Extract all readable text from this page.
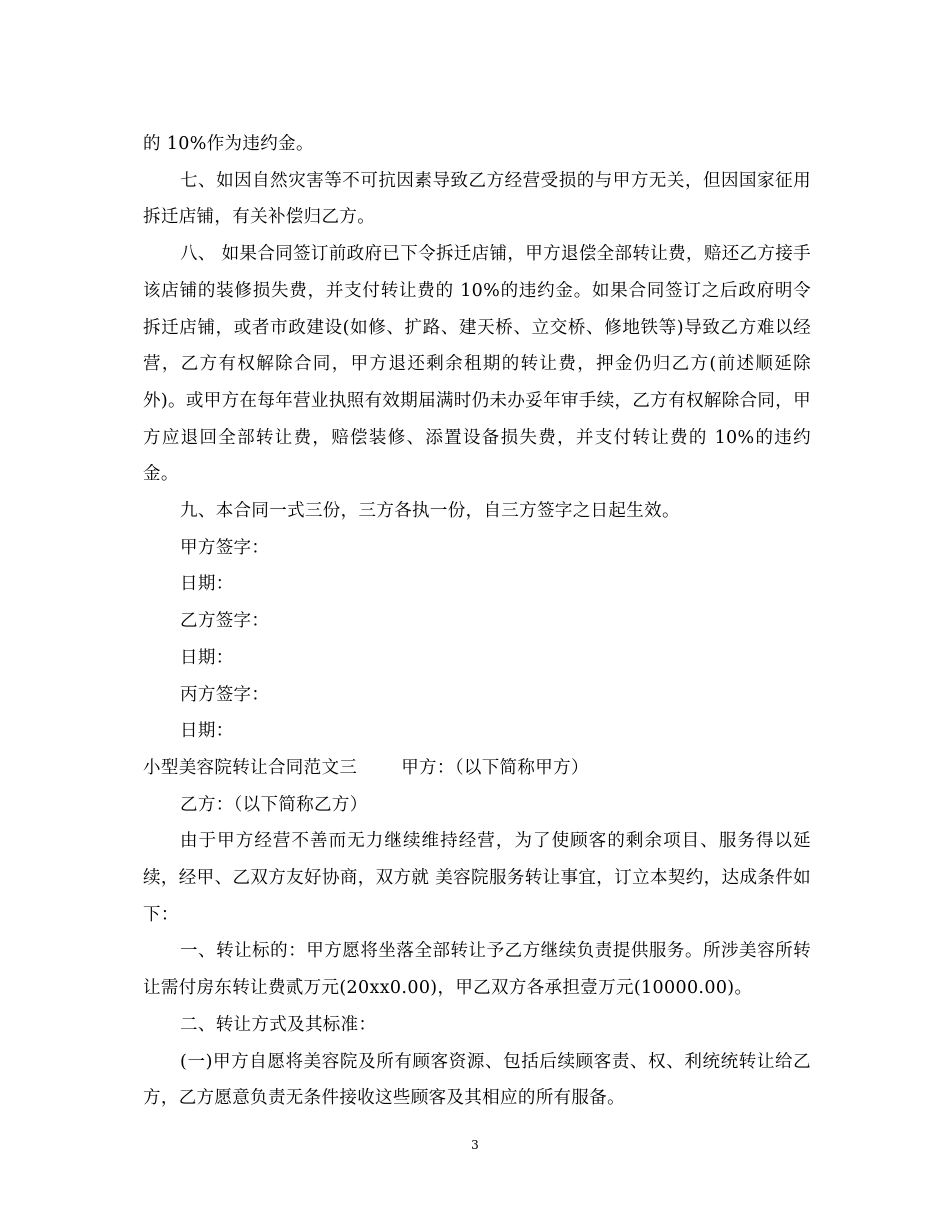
的 10%作为违约金。

七、如因自然灾害等不可抗因素导致乙方经营受损的与甲方无关，但因国家征用拆迁店铺，有关补偿归乙方。

八、 如果合同签订前政府已下令拆迁店铺，甲方退偿全部转让费，赔还乙方接手该店铺的装修损失费，并支付转让费的 10%的违约金。如果合同签订之后政府明令拆迁店铺，或者市政建设(如修、扩路、建天桥、立交桥、修地铁等)导致乙方难以经营，乙方有权解除合同，甲方退还剩余租期的转让费，押金仍归乙方(前述顺延除外)。或甲方在每年营业执照有效期届满时仍未办妥年审手续，乙方有权解除合同，甲方应退回全部转让费，赔偿装修、添置设备损失费，并支付转让费的 10%的违约金。

九、本合同一式三份，三方各执一份，自三方签字之日起生效。

甲方签字：

日期：

乙方签字：

日期：

丙方签字：

日期：

小型美容院转让合同范文三	甲方：（以下简称甲方）

乙方：（以下简称乙方）

由于甲方经营不善而无力继续维持经营，为了使顾客的剩余项目、服务得以延续，经甲、乙双方友好协商，双方就 美容院服务转让事宜，订立本契约，达成条件如下：

一、转让标的：甲方愿将坐落全部转让予乙方继续负责提供服务。所涉美容所转让需付房东转让费贰万元(20xx0.00)，甲乙双方各承担壹万元(10000.00)。

二、转让方式及其标准：

(一)甲方自愿将美容院及所有顾客资源、包括后续顾客责、权、利统统转让给乙方，乙方愿意负责无条件接收这些顾客及其相应的所有服备。

3
